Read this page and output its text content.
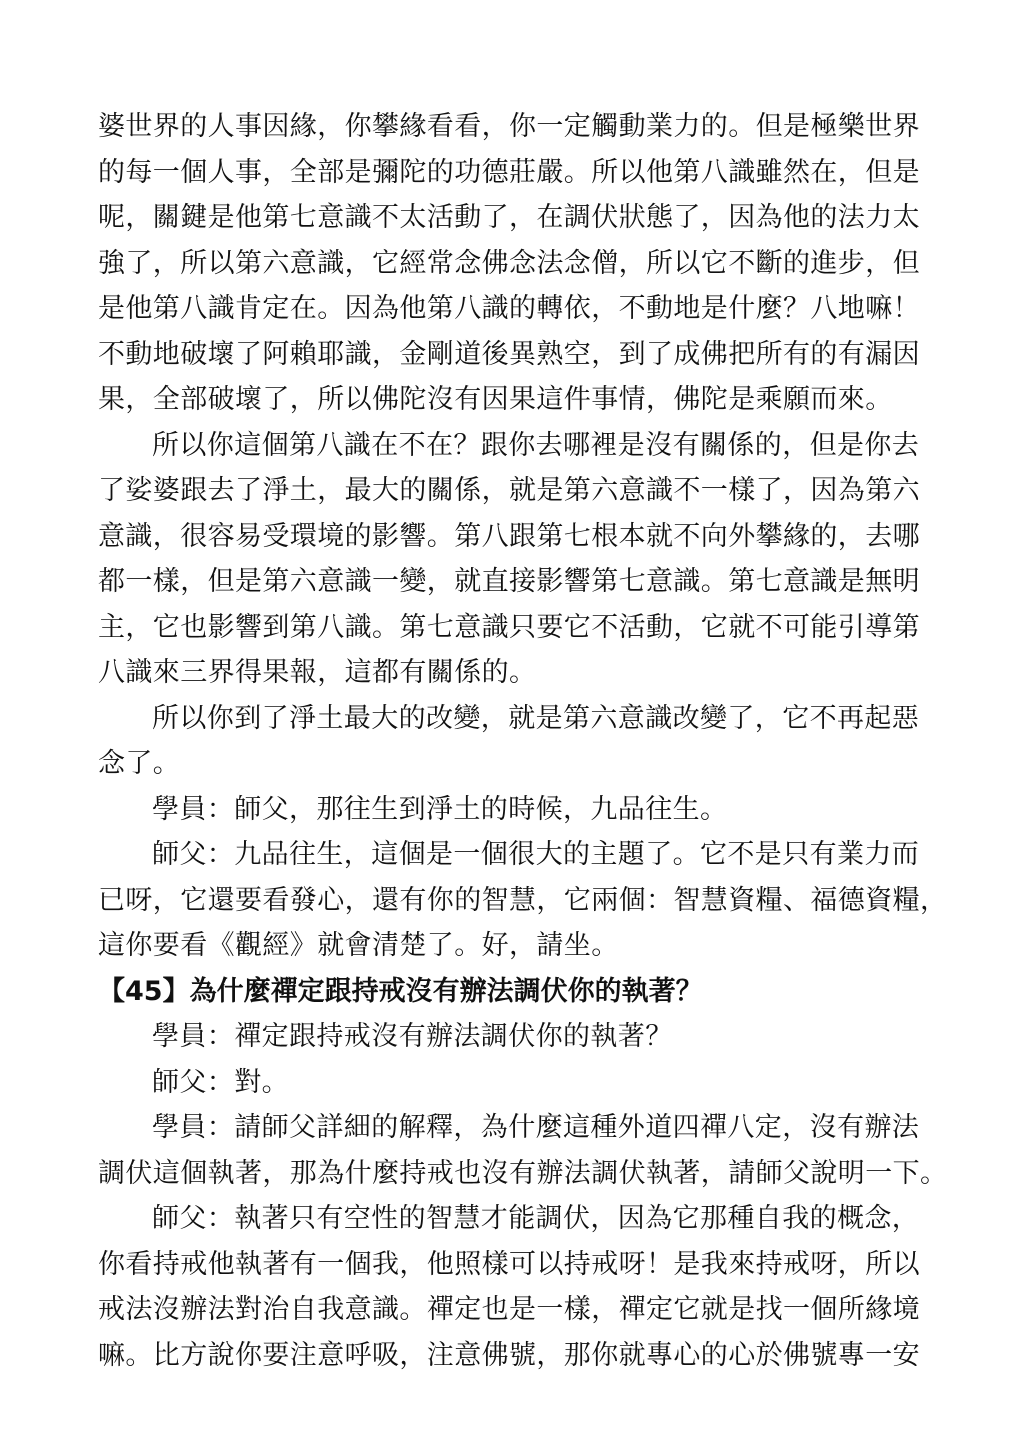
婆世界的人事因緣，你攀緣看看，你一定觸動業力的。但是極樂世界
的每一個人事，全部是彌陀的功德莊嚴。所以他第八識雖然在，但是
呢，關鍵是他第七意識不太活動了，在調伏狀態了，因為他的法力太
強了，所以第六意識，它經常念佛念法念僧，所以它不斷的進步，但
是他第八識肯定在。因為他第八識的轉依，不動地是什麼？八地嘛！
不動地破壞了阿賴耶識，金剛道後異熟空，到了成佛把所有的有漏因
果，全部破壞了，所以佛陀沒有因果這件事情，佛陀是乘願而來。
所以你這個第八識在不在？跟你去哪裡是沒有關係的，但是你去
了娑婆跟去了淨土，最大的關係，就是第六意識不一樣了，因為第六
意識，很容易受環境的影響。第八跟第七根本就不向外攀緣的，去哪
都一樣，但是第六意識一變，就直接影響第七意識。第七意識是無明
主，它也影響到第八識。第七意識只要它不活動，它就不可能引導第
八識來三界得果報，這都有關係的。
所以你到了淨土最大的改變，就是第六意識改變了，它不再起惡
念了。
學員：師父，那往生到淨土的時候，九品往生。
師父：九品往生，這個是一個很大的主題了。它不是只有業力而
已呀，它還要看發心，還有你的智慧，它兩個：智慧資糧、福德資糧，
這你要看《觀經》就會清楚了。好，請坐。
【45】為什麼禪定跟持戒沒有辦法調伏你的執著？
學員：禪定跟持戒沒有辦法調伏你的執著？
師父：對。
學員：請師父詳細的解釋，為什麼這種外道四禪八定，沒有辦法
調伏這個執著，那為什麼持戒也沒有辦法調伏執著，請師父說明一下。
師父：執著只有空性的智慧才能調伏，因為它那種自我的概念，
你看持戒他執著有一個我，他照樣可以持戒呀！是我來持戒呀，所以
戒法沒辦法對治自我意識。禪定也是一樣，禪定它就是找一個所緣境
嘛。比方說你要注意呼吸，注意佛號，那你就專心的心於佛號專一安
